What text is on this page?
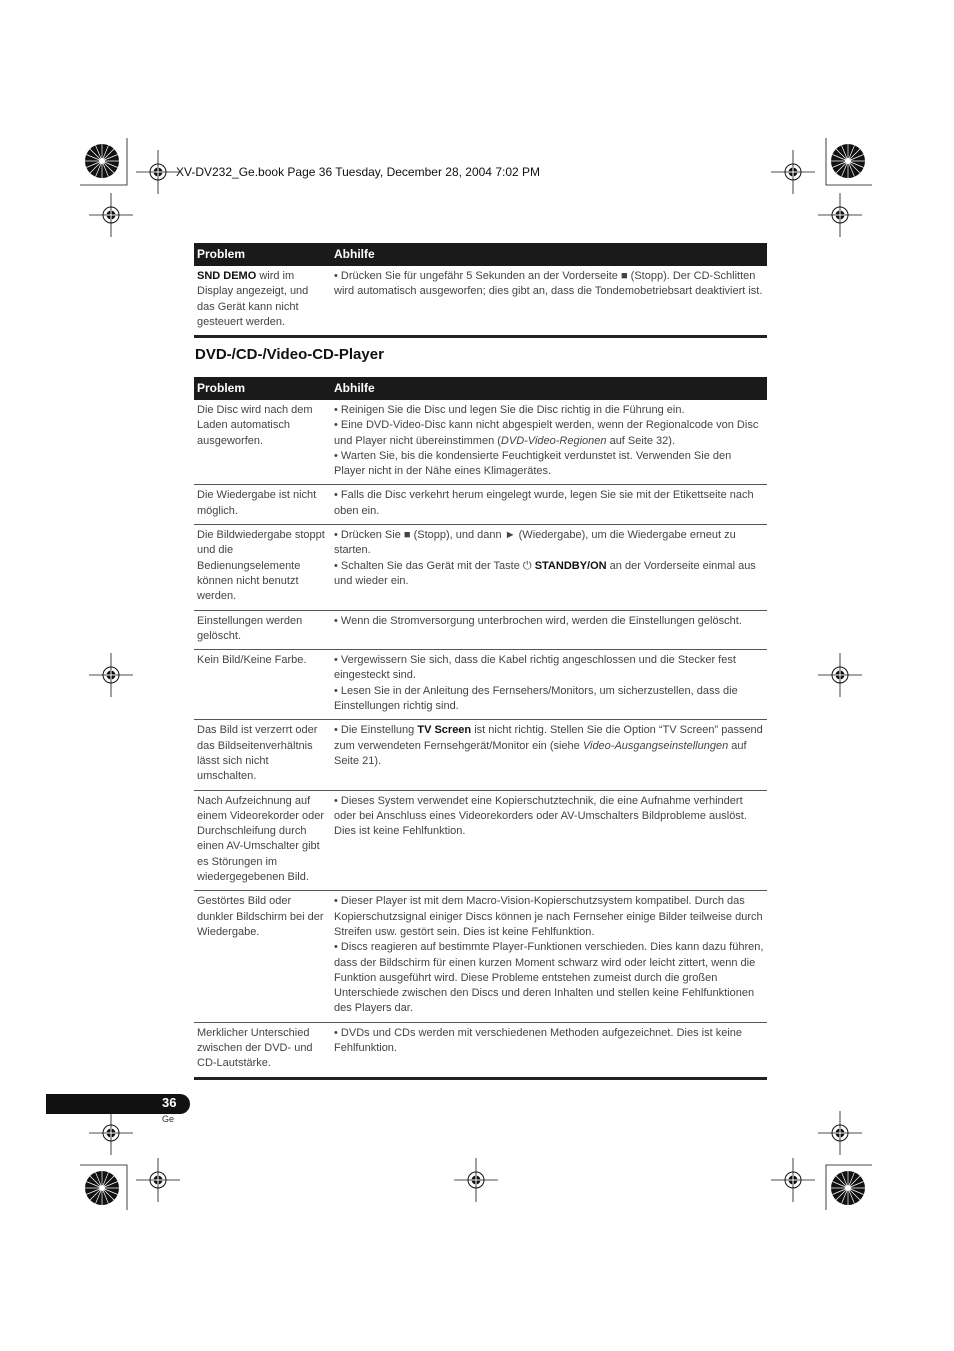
XV-DV232_Ge.book Page 36 Tuesday, December 28, 2004 7:02 PM
Problem	Abhilfe
SND DEMO wird im Display angezeigt, und das Gerät kann nicht gesteuert werden.	• Drücken Sie für ungefähr 5 Sekunden an der Vorderseite ■ (Stopp). Der CD-Schlitten wird automatisch ausgeworfen; dies gibt an, dass die Tondemobetriebsart deaktiviert ist.

DVD-/CD-/Video-CD-Player
Problem	Abhilfe
Die Disc wird nach dem Laden automatisch ausgeworfen.	• Reinigen Sie die Disc und legen Sie die Disc richtig in die Führung ein.

• Eine DVD-Video-Disc kann nicht abgespielt werden, wenn der Regionalcode von Disc und Player nicht übereinstimmen (DVD-Video-Regionen auf Seite 32).

• Warten Sie, bis die kondensierte Feuchtigkeit verdunstet ist. Verwenden Sie den Player nicht in der Nähe eines Klimagerätes.

Die Wiedergabe ist nicht möglich.	• Falls die Disc verkehrt herum eingelegt wurde, legen Sie sie mit der Etikettseite nach oben ein.

Die Bildwiedergabe stoppt und die Bedienungselemente können nicht benutzt werden.	• Drücken Sie ■ (Stopp), und dann ► (Wiedergabe), um die Wiedergabe erneut zu starten.

• Schalten Sie das Gerät mit der Taste ⏻ STANDBY/ON an der Vorderseite einmal aus und wieder ein.

Einstellungen werden gelöscht.	• Wenn die Stromversorgung unterbrochen wird, werden die Einstellungen gelöscht.

Kein Bild/Keine Farbe.	• Vergewissern Sie sich, dass die Kabel richtig angeschlossen und die Stecker fest eingesteckt sind.

• Lesen Sie in der Anleitung des Fernsehers/Monitors, um sicherzustellen, dass die Einstellungen richtig sind.

Das Bild ist verzerrt oder das Bildseitenverhältnis lässt sich nicht umschalten.	• Die Einstellung TV Screen ist nicht richtig. Stellen Sie die Option “TV Screen” passend zum verwendeten Fernsehgerät/Monitor ein (siehe Video-Ausgangseinstellungen auf Seite 21).

Nach Aufzeichnung auf einem Videorekorder oder Durchschleifung durch einen AV-Umschalter gibt es Störungen im wiedergegebenen Bild.	• Dieses System verwendet eine Kopierschutztechnik, die eine Aufnahme verhindert oder bei Anschluss eines Videorekorders oder AV-Umschalters Bildprobleme auslöst. Dies ist keine Fehlfunktion.

Gestörtes Bild oder dunkler Bildschirm bei der Wiedergabe.	• Dieser Player ist mit dem Macro-Vision-Kopierschutzsystem kompatibel. Durch das Kopierschutzsignal einiger Discs können je nach Fernseher einige Bilder teilweise durch Streifen usw. gestört sein. Dies ist keine Fehlfunktion.

• Discs reagieren auf bestimmte Player-Funktionen verschieden. Dies kann dazu führen, dass der Bildschirm für einen kurzen Moment schwarz wird oder leicht zittert, wenn die Funktion ausgeführt wird. Diese Probleme entstehen zumeist durch die großen Unterschiede zwischen den Discs und deren Inhalten und stellen keine Fehlfunktionen des Players dar.

Merklicher Unterschied zwischen der DVD- und CD-Lautstärke.	• DVDs und CDs werden mit verschiedenen Methoden aufgezeichnet. Dies ist keine Fehlfunktion.

36
Ge
